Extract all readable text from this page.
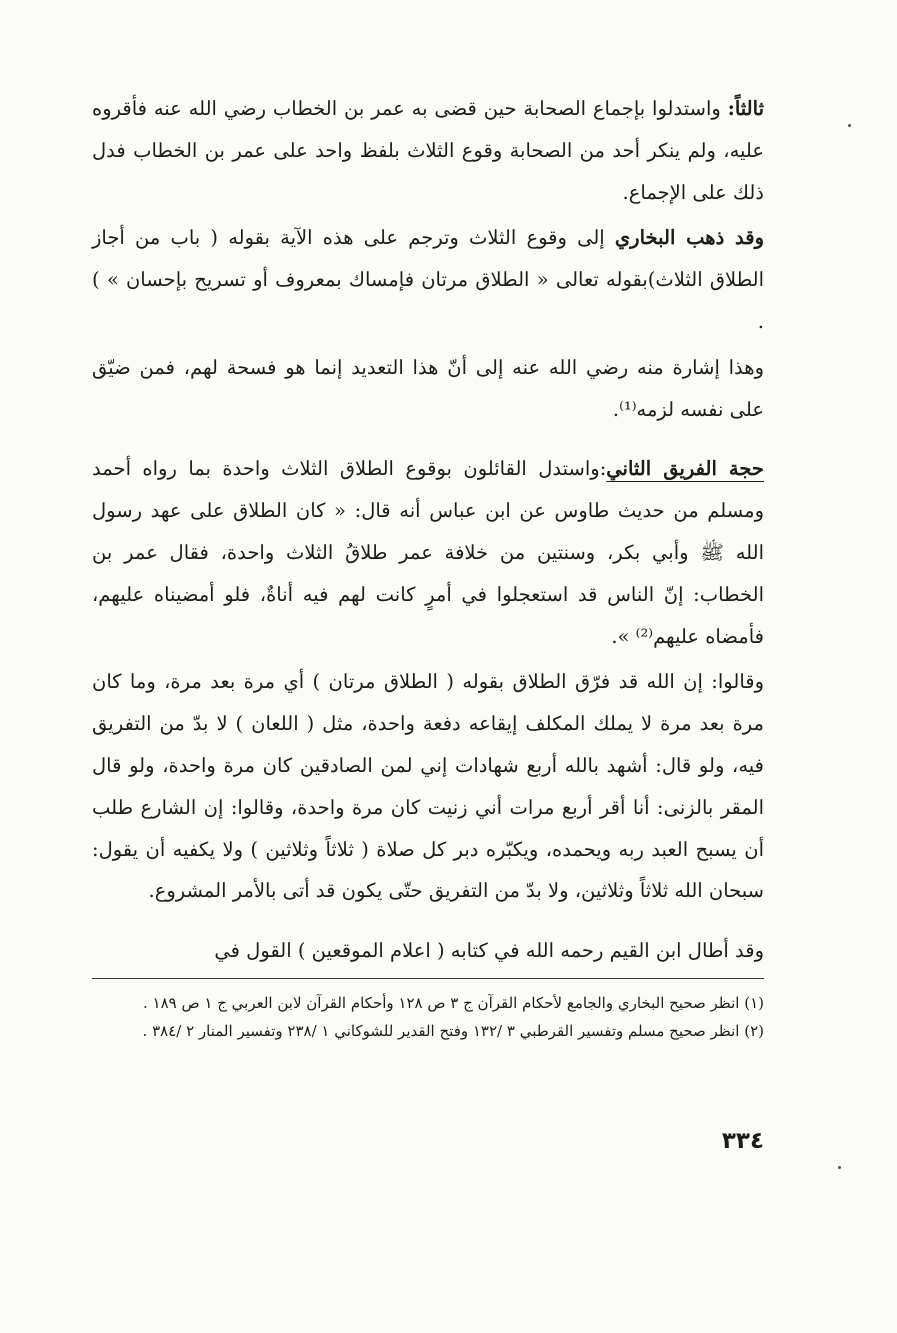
ثالثاً: واستدلوا بإجماع الصحابة حين قضى به عمر بن الخطاب رضي الله عنه فأقروه عليه، ولم ينكر أحد من الصحابة وقوع الثلاث بلفظ واحد على عمر بن الخطاب فدل ذلك على الإجماع.

وقد ذهب البخاري إلى وقوع الثلاث وترجم على هذه الآية بقوله ( باب من أجاز الطلاق الثلاث)بقوله تعالى « الطلاق مرتان فإمساك بمعروف أو تسريح بإحسان » ) .

وهذا إشارة منه رضي الله عنه إلى أنّ هذا التعديد إنما هو فسحة لهم، فمن ضيّق على نفسه لزمه⁽¹⁾.

حجة الفريق الثاني:واستدل القائلون بوقوع الطلاق الثلاث واحدة بما رواه أحمد ومسلم من حديث طاوس عن ابن عباس أنه قال: « كان الطلاق على عهد رسول الله ﷺ وأبي بكر، وسنتين من خلافة عمر طلاقُ الثلاث واحدة، فقال عمر بن الخطاب: إنّ الناس قد استعجلوا في أمرٍ كانت لهم فيه أناةٌ، فلو أمضيناه عليهم، فأمضاه عليهم⁽²⁾ ».

وقالوا: إن الله قد فرّق الطلاق بقوله ( الطلاق مرتان ) أي مرة بعد مرة، وما كان مرة بعد مرة لا يملك المكلف إيقاعه دفعة واحدة، مثل ( اللعان ) لا بدّ من التفريق فيه، ولو قال: أشهد بالله أربع شهادات إني لمن الصادقين كان مرة واحدة، ولو قال المقر بالزنى: أنا أقر أربع مرات أني زنيت كان مرة واحدة، وقالوا: إن الشارع طلب أن يسبح العبد ربه ويحمده، ويكبّره دبر كل صلاة ( ثلاثاً وثلاثين ) ولا يكفيه أن يقول: سبحان الله ثلاثاً وثلاثين، ولا بدّ من التفريق حتّى يكون قد أتى بالأمر المشروع.

وقد أطال ابن القيم رحمه الله في كتابه ( اعلام الموقعين ) القول في

(١) انظر صحيح البخاري والجامع لأحكام القرآن ج ٣ ص ١٢٨ وأحكام القرآن لابن العربي ج ١ ص ١٨٩ .

(٢) انظر صحيح مسلم وتفسير القرطبي ٣ /١٣٢ وفتح القدير للشوكاني ١ /٢٣٨ وتفسير المنار ٢ /٣٨٤ .

٣٣٤
